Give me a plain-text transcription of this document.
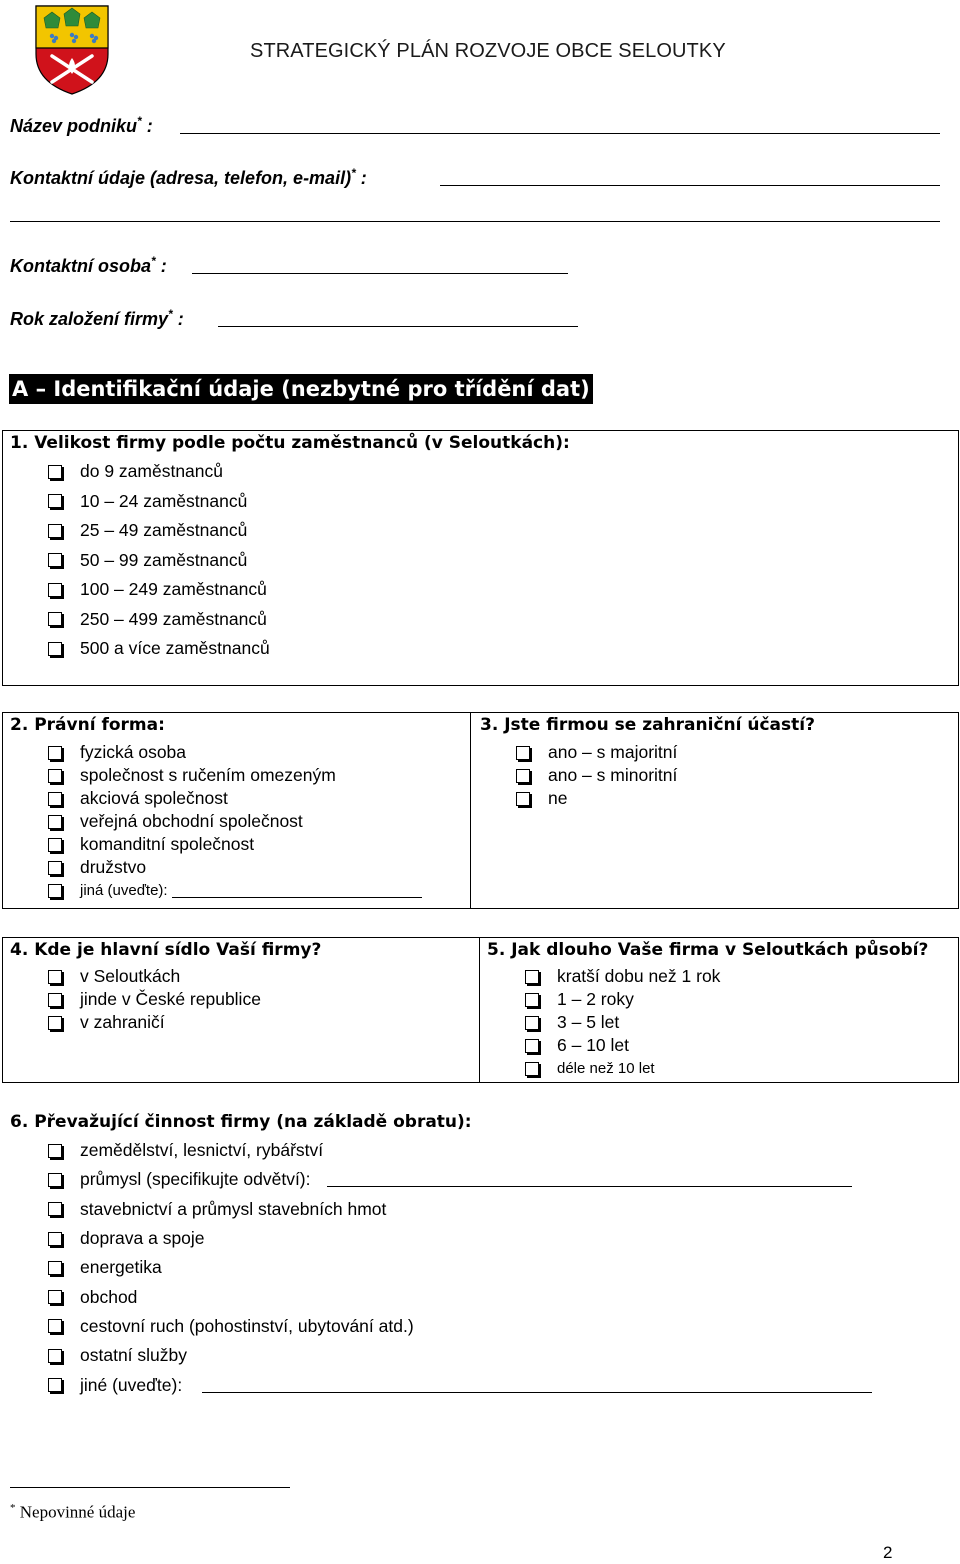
STRATEGICKÝ PLÁN ROZVOJE OBCE SELOUTKY
Název podniku* :
Kontaktní údaje (adresa, telefon, e-mail)* :
Kontaktní osoba* :
Rok založení firmy* :
A – Identifikační údaje (nezbytné pro třídění dat)
1. Velikost firmy podle počtu zaměstnanců (v Seloutkách):
do 9 zaměstnanců
10 – 24 zaměstnanců
25 – 49 zaměstnanců
50 – 99 zaměstnanců
100 – 249 zaměstnanců
250 – 499 zaměstnanců
500 a více zaměstnanců
2. Právní forma:
fyzická osoba
společnost s ručením omezeným
akciová společnost
veřejná obchodní společnost
komanditní společnost
družstvo
jiná (uveďte):
3. Jste firmou se zahraniční účastí?
ano – s majoritní
ano – s minoritní
ne
4. Kde je hlavní sídlo Vaší firmy?
v Seloutkách
jinde v České republice
v zahraničí
5. Jak dlouho Vaše firma v Seloutkách působí?
kratší dobu než 1 rok
1 – 2 roky
3 – 5 let
6 – 10 let
déle než 10 let
6. Převažující činnost firmy (na základě obratu):
zemědělství, lesnictví, rybářství
průmysl (specifikujte odvětví):
stavebnictví a průmysl stavebních hmot
doprava a spoje
energetika
obchod
cestovní ruch (pohostinství, ubytování atd.)
ostatní služby
jiné (uveďte):
* Nepovinné údaje
2
